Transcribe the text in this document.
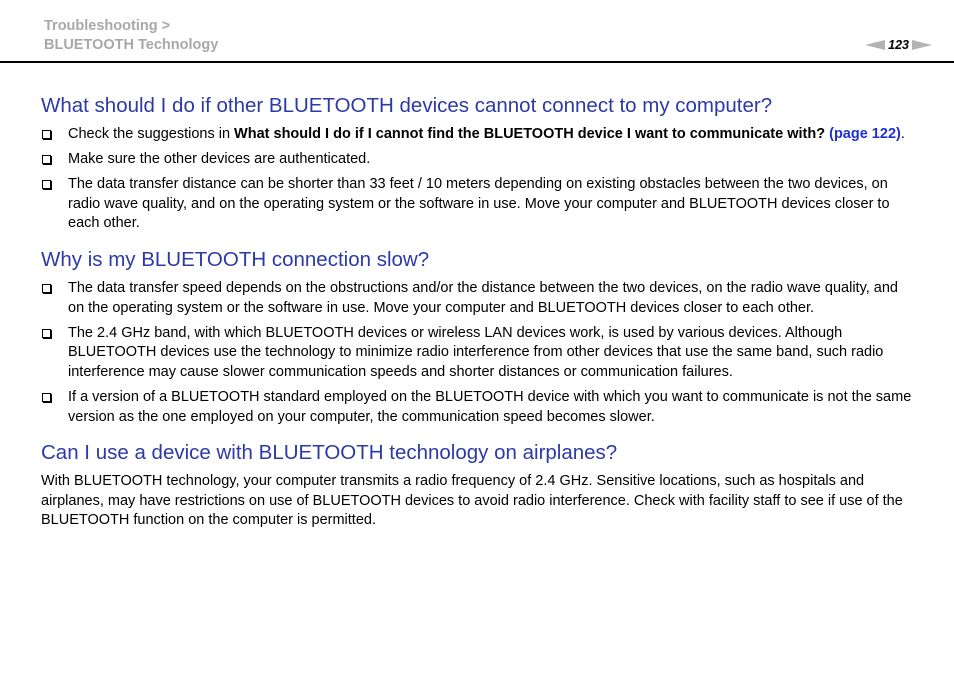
Troubleshooting >
BLUETOOTH Technology	123
What should I do if other BLUETOOTH devices cannot connect to my computer?
Check the suggestions in What should I do if I cannot find the BLUETOOTH device I want to communicate with? (page 122).
Make sure the other devices are authenticated.
The data transfer distance can be shorter than 33 feet / 10 meters depending on existing obstacles between the two devices, on radio wave quality, and on the operating system or the software in use. Move your computer and BLUETOOTH devices closer to each other.
Why is my BLUETOOTH connection slow?
The data transfer speed depends on the obstructions and/or the distance between the two devices, on the radio wave quality, and on the operating system or the software in use. Move your computer and BLUETOOTH devices closer to each other.
The 2.4 GHz band, with which BLUETOOTH devices or wireless LAN devices work, is used by various devices. Although BLUETOOTH devices use the technology to minimize radio interference from other devices that use the same band, such radio interference may cause slower communication speeds and shorter distances or communication failures.
If a version of a BLUETOOTH standard employed on the BLUETOOTH device with which you want to communicate is not the same version as the one employed on your computer, the communication speed becomes slower.
Can I use a device with BLUETOOTH technology on airplanes?

With BLUETOOTH technology, your computer transmits a radio frequency of 2.4 GHz. Sensitive locations, such as hospitals and airplanes, may have restrictions on use of BLUETOOTH devices to avoid radio interference. Check with facility staff to see if use of the BLUETOOTH function on the computer is permitted.
